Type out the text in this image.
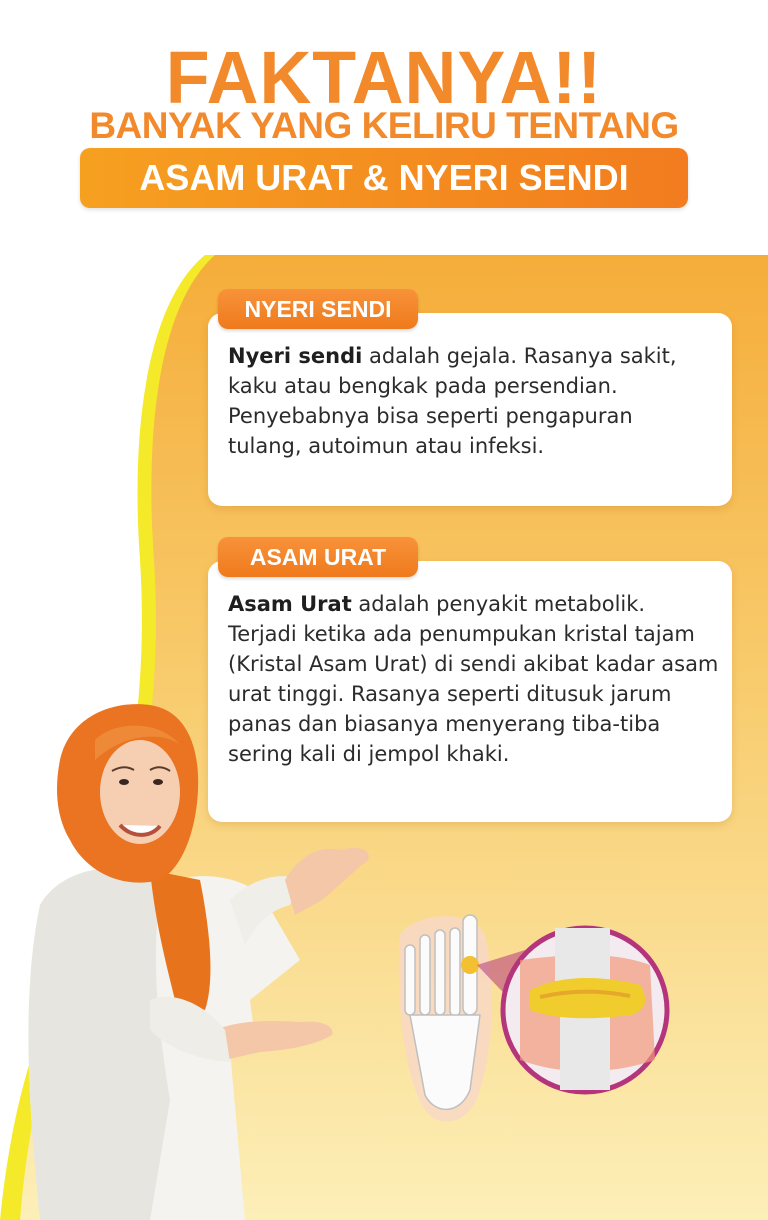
FAKTANYA!!
BANYAK YANG KELIRU TENTANG
ASAM URAT & NYERI SENDI
NYERI SENDI

Nyeri sendi adalah gejala. Rasanya sakit, kaku atau bengkak pada persendian. Penyebabnya bisa seperti pengapuran tulang, autoimun atau infeksi.

ASAM URAT

Asam Urat adalah penyakit metabolik. Terjadi ketika ada penumpukan kristal tajam (Kristal Asam Urat) di sendi akibat kadar asam urat tinggi. Rasanya seperti ditusuk jarum panas dan biasanya menyerang tiba-tiba sering kali di jempol khaki.
